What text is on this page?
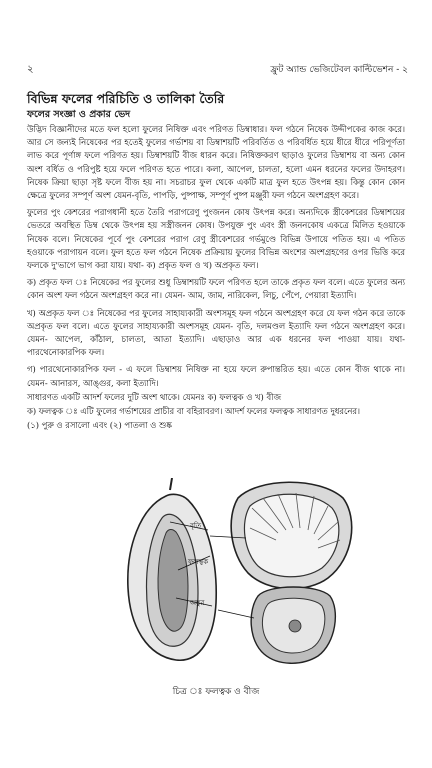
২	ফ্রুট অ্যান্ড ভেজিটেবল কাল্টিভেশন - ২
বিভিন্ন ফলের পরিচিতি ও তালিকা তৈরি
ফলের সংজ্ঞা ও প্রকার ভেদ

উদ্ভিদ বিজ্ঞানীদের মতে ফল হলো ফুলের নিষিক্ত এবং পরিণত ডিম্বাধার। ফল গঠনে নিষেক উদ্দীপকের কাজ করে। আর সে জন্যই নিষেকের পর হতেই ফুলের গর্ভাশয় বা ডিম্বাশয়টি পরিবর্তিত ও পরিবর্ধিত হয়ে ধীরে ধীরে পরিপূর্ণতা লাভ করে পূর্ণাঙ্গ ফলে পরিণত হয়। ডিম্বাশয়টি বীজ ধারন করে। নিষিক্তকরণ ছাড়াও ফুলের ডিম্বাশয় বা অন্য কোন অংশ বর্ধিত ও পরিপুষ্ট হয়ে ফলে পরিণত হতে পারে। কলা, আপেল, চালতা, হলো এমন ধরনের ফলের উদাহরণ। নিষেক ক্রিয়া ছাড়া সৃষ্ট ফলে বীজ হয় না। সচরাচর ফুল থেকে একটি মাত্র ফুল হতে উৎপন্ন হয়। কিন্তু কোন কোন ক্ষেত্রে ফুলের সম্পূর্ণ অংশ যেমন-বৃতি, পাপড়ি, পুষ্পাক্ষ, সম্পূর্ণ পুষ্প মঞ্জুরী ফল গঠনে অংশগ্রহণ করে।

ফুলের পুং কেশরের পরাগধানী হতে তৈরি পরাগরেণু পুংজনন কোষ উৎপন্ন করে। অন্যদিকে স্ত্রীকেশরের ডিম্বাশয়ের ভেতরে অবস্থিত ডিম্ব থেকে উৎপন্ন হয় সস্ত্রীজনন কোষ। উপযুক্ত পুং এবং স্ত্রী জননকোষ একত্রে মিলিত হওয়াকে নিষেক বলে। নিষেকের পূর্বে পুং কেশরের পরাগ রেণু স্ত্রীকেশরের গর্ভমুণ্ডে বিভিন্ন উপায়ে পতিত হয়। এ পতিত হওয়াকে পরাগায়ন বলে। ফুল হতে ফল গঠনে নিষেক প্রক্রিয়ায় ফুলের বিভিন্ন অংশের অংশগ্রহণের ওপর ভিত্তি করে ফলকে দু'ভাগে ভাগ করা যায়। যথা- ক) প্রকৃত ফল ও খ) অপ্রকৃত ফল।

ক) প্রকৃত ফল ঃ নিষেকের পর ফুলের শুধু ডিম্বাশয়টি ফলে পরিণত হলে তাকে প্রকৃত ফল বলে। এতে ফুলের অন্য কোন অংশ ফল গঠনে অংশগ্রহণ করে না। যেমন- আম, জাম, নারিকেল, লিচু, পেঁপে, পেয়ারা ইত্যাদি।

খ) অপ্রকৃত ফল ঃ নিষেকের পর ফুলের সাহায্যকারী অংশসমূহ ফল গঠনে অংশগ্রহণ করে যে ফল গঠন করে তাকে অপ্রকৃত ফল বলে। এতে ফুলের সাহায্যকারী অংশসমূহ যেমন- বৃতি, দলমণ্ডল ইত্যাদি ফল গঠনে অংশগ্রহণ করে। যেমন- আপেল, কাঁঠাল, চালতা, আতা ইত্যাদি। এছাড়াও আর এক ধরনের ফল পাওয়া যায়। যথা- পারথেনোকারপিক ফল।

গ) পারথেনোকারপিক ফল - এ ফলে ডিম্বাশয় নিষিক্ত না হয়ে ফলে রুপান্তরিত হয়। এতে কোন বীজ থাকে না। যেমন- আনারস, আঙ্গুর, কলা ইত্যাদি।

সাধারণত একটি আদর্শ ফলের দুটি অংশ থাকে। যেমনঃ ক) ফলত্বক ও খ) বীজ

ক) ফলত্বক ঃ এটি ফুলের গর্ভাশয়ের প্রাচীর বা বহিরাবরণ। আদর্শ ফলের ফলত্বক সাধারণত দুধরনের।

(১) পুরু ও রসালো এবং (২) পাতলা ও শুষ্ক

বৃতি
ফলত্বক
অঙ্কুর
চিত্র ঃ ফলত্বক ও বীজ
